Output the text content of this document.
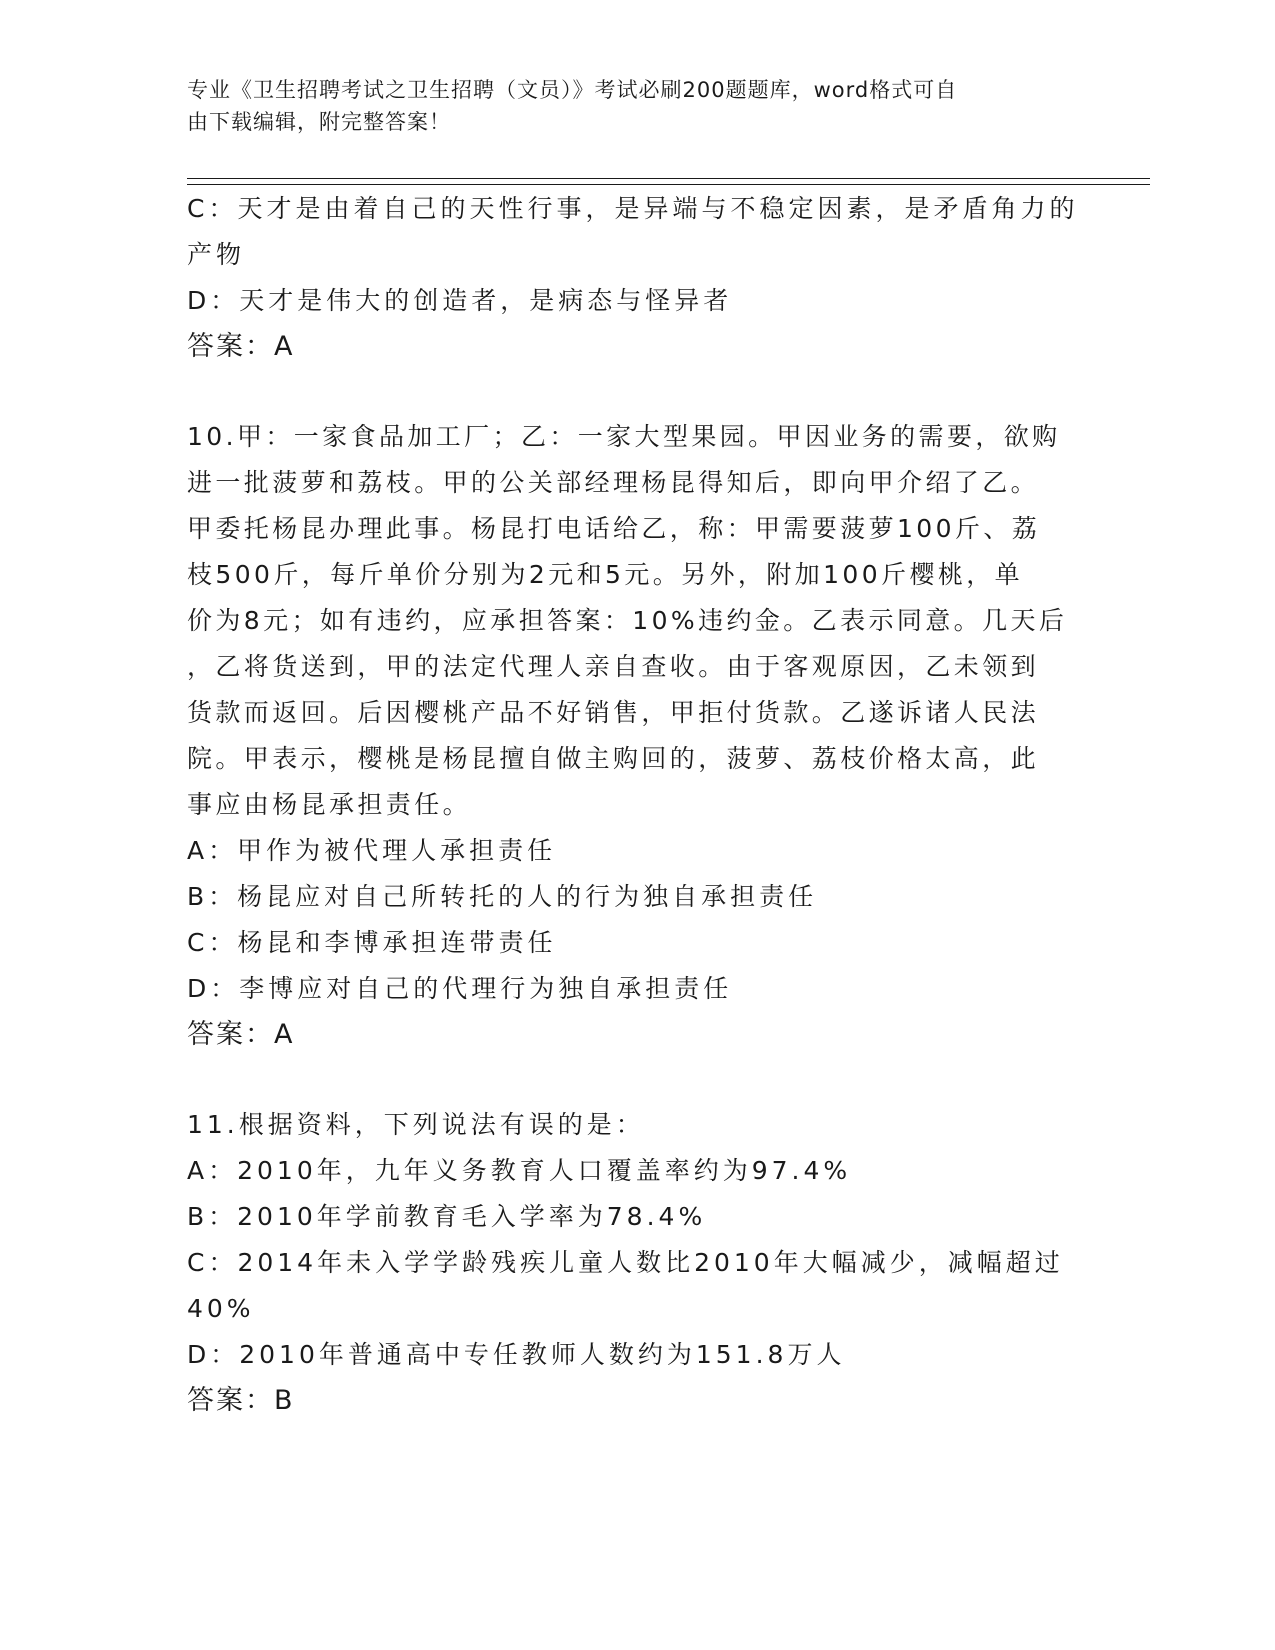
专业《卫生招聘考试之卫生招聘（文员）》考试必刷200题题库，word格式可自
由下载编辑，附完整答案！
C：天才是由着自己的天性行事，是异端与不稳定因素，是矛盾角力的
产物
D：天才是伟大的创造者，是病态与怪异者
答案：A
10.甲：一家食品加工厂；乙：一家大型果园。甲因业务的需要，欲购
进一批菠萝和荔枝。甲的公关部经理杨昆得知后，即向甲介绍了乙。
甲委托杨昆办理此事。杨昆打电话给乙，称：甲需要菠萝100斤、荔
枝500斤，每斤单价分别为2元和5元。另外，附加100斤樱桃，单
价为8元；如有违约，应承担答案：10%违约金。乙表示同意。几天后
，乙将货送到，甲的法定代理人亲自查收。由于客观原因，乙未领到
货款而返回。后因樱桃产品不好销售，甲拒付货款。乙遂诉诸人民法
院。甲表示，樱桃是杨昆擅自做主购回的，菠萝、荔枝价格太高，此
事应由杨昆承担责任。
A：甲作为被代理人承担责任
B：杨昆应对自己所转托的人的行为独自承担责任
C：杨昆和李博承担连带责任
D：李博应对自己的代理行为独自承担责任
答案：A
11.根据资料，下列说法有误的是：
A：2010年，九年义务教育人口覆盖率约为97.4%
B：2010年学前教育毛入学率为78.4%
C：2014年未入学学龄残疾儿童人数比2010年大幅减少，减幅超过
40%
D：2010年普通高中专任教师人数约为151.8万人
答案：B
